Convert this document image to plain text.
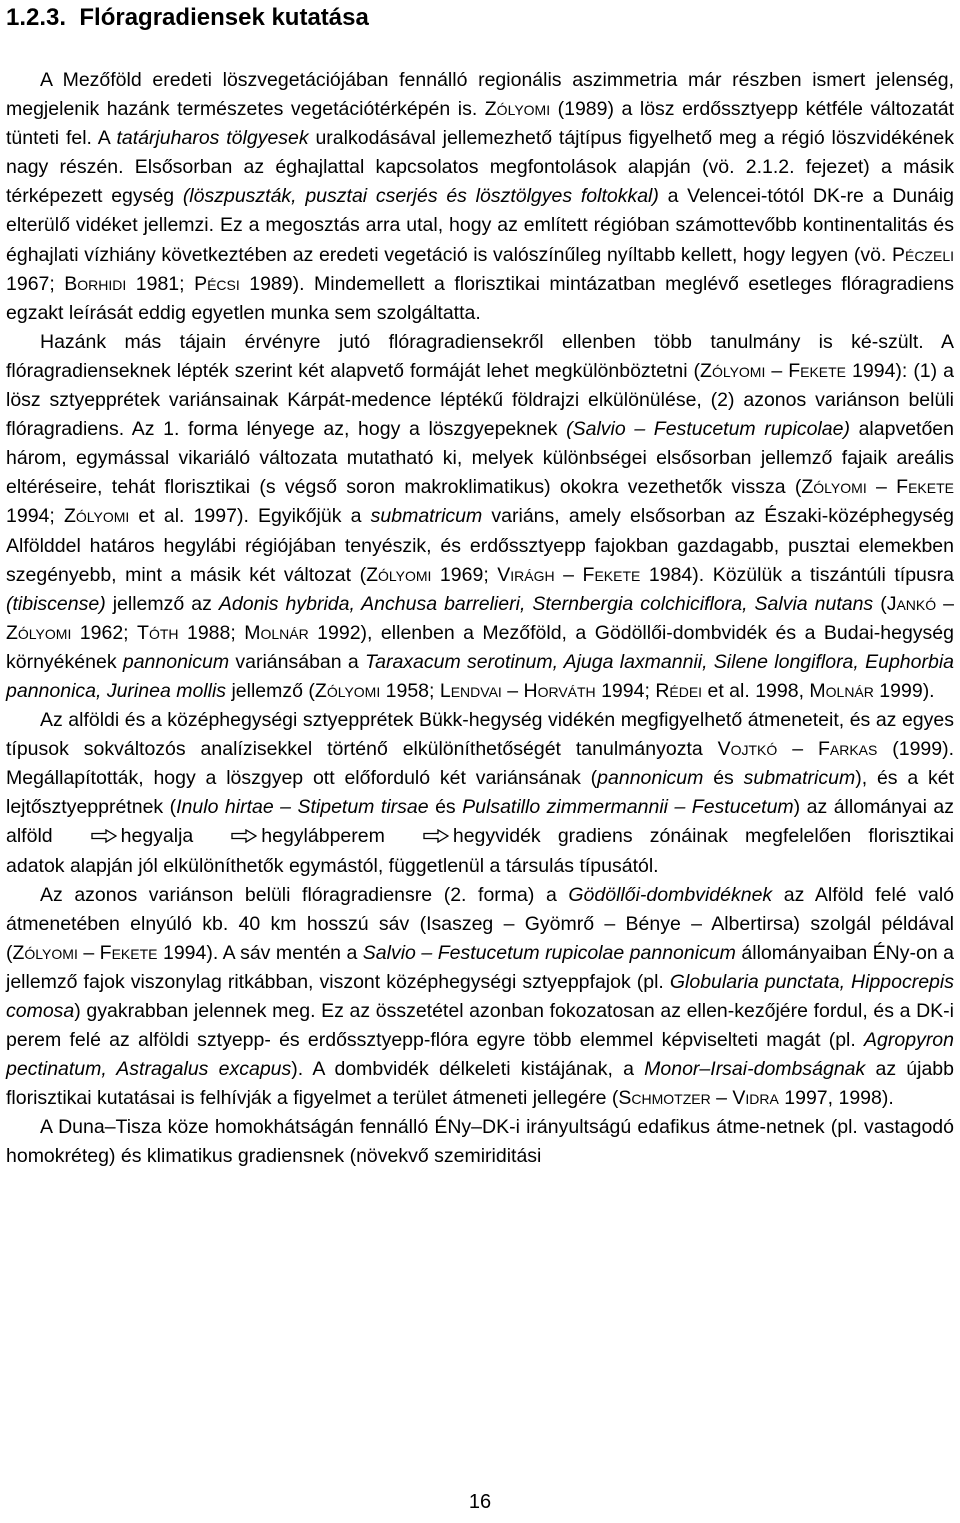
1.2.3.  Flóragradiensek kutatása

A Mezőföld eredeti löszvegetációjában fennálló regionális aszimmetria már részben ismert jelenség, megjelenik hazánk természetes vegetációtérképén is. Zólyomi (1989) a lösz erdőssztyepp kétféle változatát tünteti fel. A tatárjuharos tölgyesek uralkodásával jellemezhető tájtípus figyelhető meg a régió löszvidékének nagy részén. Elsősorban az éghajlattal kapcsolatos megfontolások alapján (vö. 2.1.2. fejezet) a másik térképezett egység (löszpuszták, pusztai cserjés és lösztölgyes foltokkal) a Velencei-tótól DK-re a Dunáig elterülő vidéket jellemzi. Ez a megosztás arra utal, hogy az említett régióban számottevőbb kontinentalitás és éghajlati vízhiány következtében az eredeti vegetáció is valószínűleg nyíltabb kellett, hogy legyen (vö. Péczeli 1967; Borhidi 1981; Pécsi 1989). Mindemellett a florisztikai mintázatban meglévő esetleges flóragradiens egzakt leírását eddig egyetlen munka sem szolgáltatta.

Hazánk más tájain érvényre jutó flóragradiensekről ellenben több tanulmány is ké-szült. A flóragradienseknek lépték szerint két alapvető formáját lehet megkülönböztetni (Zólyomi – Fekete 1994): (1) a lösz sztyepprétek variánsainak Kárpát-medence léptékű földrajzi elkülönülése, (2) azonos variánson belüli flóragradiens. Az 1. forma lényege az, hogy a löszgyepeknek (Salvio – Festucetum rupicolae) alapvetően három, egymással vikariáló változata mutatható ki, melyek különbségei elsősorban jellemző fajaik areális eltéréseire, tehát florisztikai (s végső soron makroklimatikus) okokra vezethetők vissza (Zólyomi – Fekete 1994; Zólyomi et al. 1997). Egyikőjük a submatricum variáns, amely elsősorban az Északi-középhegység Alfölddel határos hegylábi régiójában tenyészik, és erdőssztyepp fajokban gazdagabb, pusztai elemekben szegényebb, mint a másik két változat (Zólyomi 1969; Virágh – Fekete 1984). Közülük a tiszántúli típusra (tibiscense) jellemző az Adonis hybrida, Anchusa barrelieri, Sternbergia colchiciflora, Salvia nutans (Jankó – Zólyomi 1962; Tóth 1988; Molnár 1992), ellenben a Mezőföld, a Gödöllői-dombvidék és a Budai-hegység környékének pannonicum variánsában a Taraxacum serotinum, Ajuga laxmannii, Silene longiflora, Euphorbia pannonica, Jurinea mollis jellemző (Zólyomi 1958; Lendvai – Horváth 1994; Rédei et al. 1998, Molnár 1999).

Az alföldi és a középhegységi sztyepprétek Bükk-hegység vidékén megfigyelhető átmeneteit, és az egyes típusok sokváltozós analízisekkel történő elkülöníthetőségét tanulmányozta Vojtkó – Farkas (1999). Megállapították, hogy a löszgyep ott előforduló két variánsának (pannonicum és submatricum), és a két lejtősztyepprétnek (Inulo hirtae – Stipetum tirsae és Pulsatillo zimmermannii – Festucetum) az állományai az alföld	hegyalja	hegylábperem	hegyvidék gradiens zónáinak megfelelően florisztikai adatok alapján jól elkülöníthetők egymástól, függetlenül a társulás típusától.

Az azonos variánson belüli flóragradiensre (2. forma) a Gödöllői-dombvidéknek az Alföld felé való átmenetében elnyúló kb. 40 km hosszú sáv (Isaszeg – Gyömrő – Bénye – Albertirsa) szolgál példával (Zólyomi – Fekete 1994). A sáv mentén a Salvio – Festucetum rupicolae pannonicum állományaiban ÉNy-on a jellemző fajok viszonylag ritkábban, viszont középhegységi sztyeppfajok (pl. Globularia punctata, Hippocrepis comosa) gyakrabban jelennek meg. Ez az összetétel azonban fokozatosan az ellen-kezőjére fordul, és a DK-i perem felé az alföldi sztyepp- és erdőssztyepp-flóra egyre több elemmel képviselteti magát (pl. Agropyron pectinatum, Astragalus excapus). A dombvidék délkeleti kistájának, a Monor–Irsai-dombságnak az újabb florisztikai kutatásai is felhívják a figyelmet a terület átmeneti jellegére (Schmotzer – Vidra 1997, 1998).

A Duna–Tisza köze homokhátságán fennálló ÉNy–DK-i irányultságú edafikus átme-netnek (pl. vastagodó homokréteg) és klimatikus gradiensnek (növekvő szemiriditási

16
